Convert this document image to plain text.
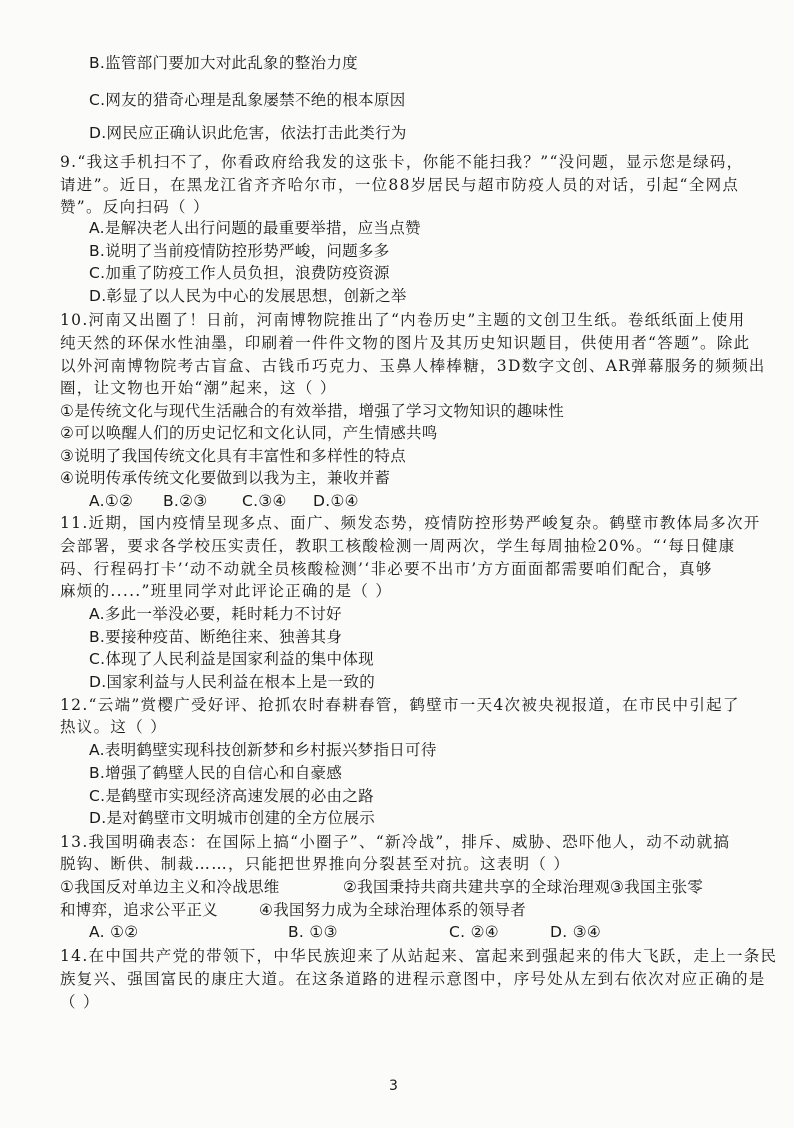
B.监管部门要加大对此乱象的整治力度
C.网友的猎奇心理是乱象屡禁不绝的根本原因
D.网民应正确认识此危害，依法打击此类行为
9.“我这手机扫不了，你看政府给我发的这张卡，你能不能扫我？”“没问题，显示您是绿码，
请进”。近日，在黑龙江省齐齐哈尔市，一位88岁居民与超市防疫人员的对话，引起“全网点
赞”。反向扫码（ ）
A.是解决老人出行问题的最重要举措，应当点赞
B.说明了当前疫情防控形势严峻，问题多多
C.加重了防疫工作人员负担，浪费防疫资源
D.彰显了以人民为中心的发展思想，创新之举
10.河南又出圈了！日前，河南博物院推出了“内卷历史”主题的文创卫生纸。卷纸纸面上使用
纯天然的环保水性油墨，印刷着一件件文物的图片及其历史知识题目，供使用者“答题”。除此
以外河南博物院考古盲盒、古钱币巧克力、玉鼻人棒棒糖，3D数字文创、AR弹幕服务的频频出
圈，让文物也开始“潮”起来，这（ ）
①是传统文化与现代生活融合的有效举措，增强了学习文物知识的趣味性
②可以唤醒人们的历史记忆和文化认同，产生情感共鸣
③说明了我国传统文化具有丰富性和多样性的特点
④说明传承传统文化要做到以我为主，兼收并蓄
A.①② B.②③ C.③④ D.①④
11.近期，国内疫情呈现多点、面广、频发态势，疫情防控形势严峻复杂。鹤壁市教体局多次开
会部署，要求各学校压实责任，教职工核酸检测一周两次，学生每周抽检20%。“‘每日健康
码、行程码打卡’‘动不动就全员核酸检测’‘非必要不出市’方方面面都需要咱们配合，真够
麻烦的.....”班里同学对此评论正确的是（ ）
A.多此一举没必要，耗时耗力不讨好
B.要接种疫苗、断绝往来、独善其身
C.体现了人民利益是国家利益的集中体现
D.国家利益与人民利益在根本上是一致的
12.“云端”赏樱广受好评、抢抓农时春耕春管，鹤壁市一天4次被央视报道，在市民中引起了
热议。这（ ）
A.表明鹤壁实现科技创新梦和乡村振兴梦指日可待
B.增强了鹤壁人民的自信心和自豪感
C.是鹤壁市实现经济高速发展的必由之路
D.是对鹤壁市文明城市创建的全方位展示
13.我国明确表态：在国际上搞“小圈子”、“新冷战”，排斥、威胁、恐吓他人，动不动就搞
脱钩、断供、制裁……，只能把世界推向分裂甚至对抗。这表明（ ）
①我国反对单边主义和冷战思维	②我国秉持共商共建共享的全球治理观③我国主张零
和博弈，追求公平正义	④我国努力成为全球治理体系的领导者
A. ①②	B. ①③	C. ②④	D. ③④
14.在中国共产党的带领下，中华民族迎来了从站起来、富起来到强起来的伟大飞跃，走上一条民
族复兴、强国富民的康庄大道。在这条道路的进程示意图中，序号处从左到右依次对应正确的是
（ ）
3
